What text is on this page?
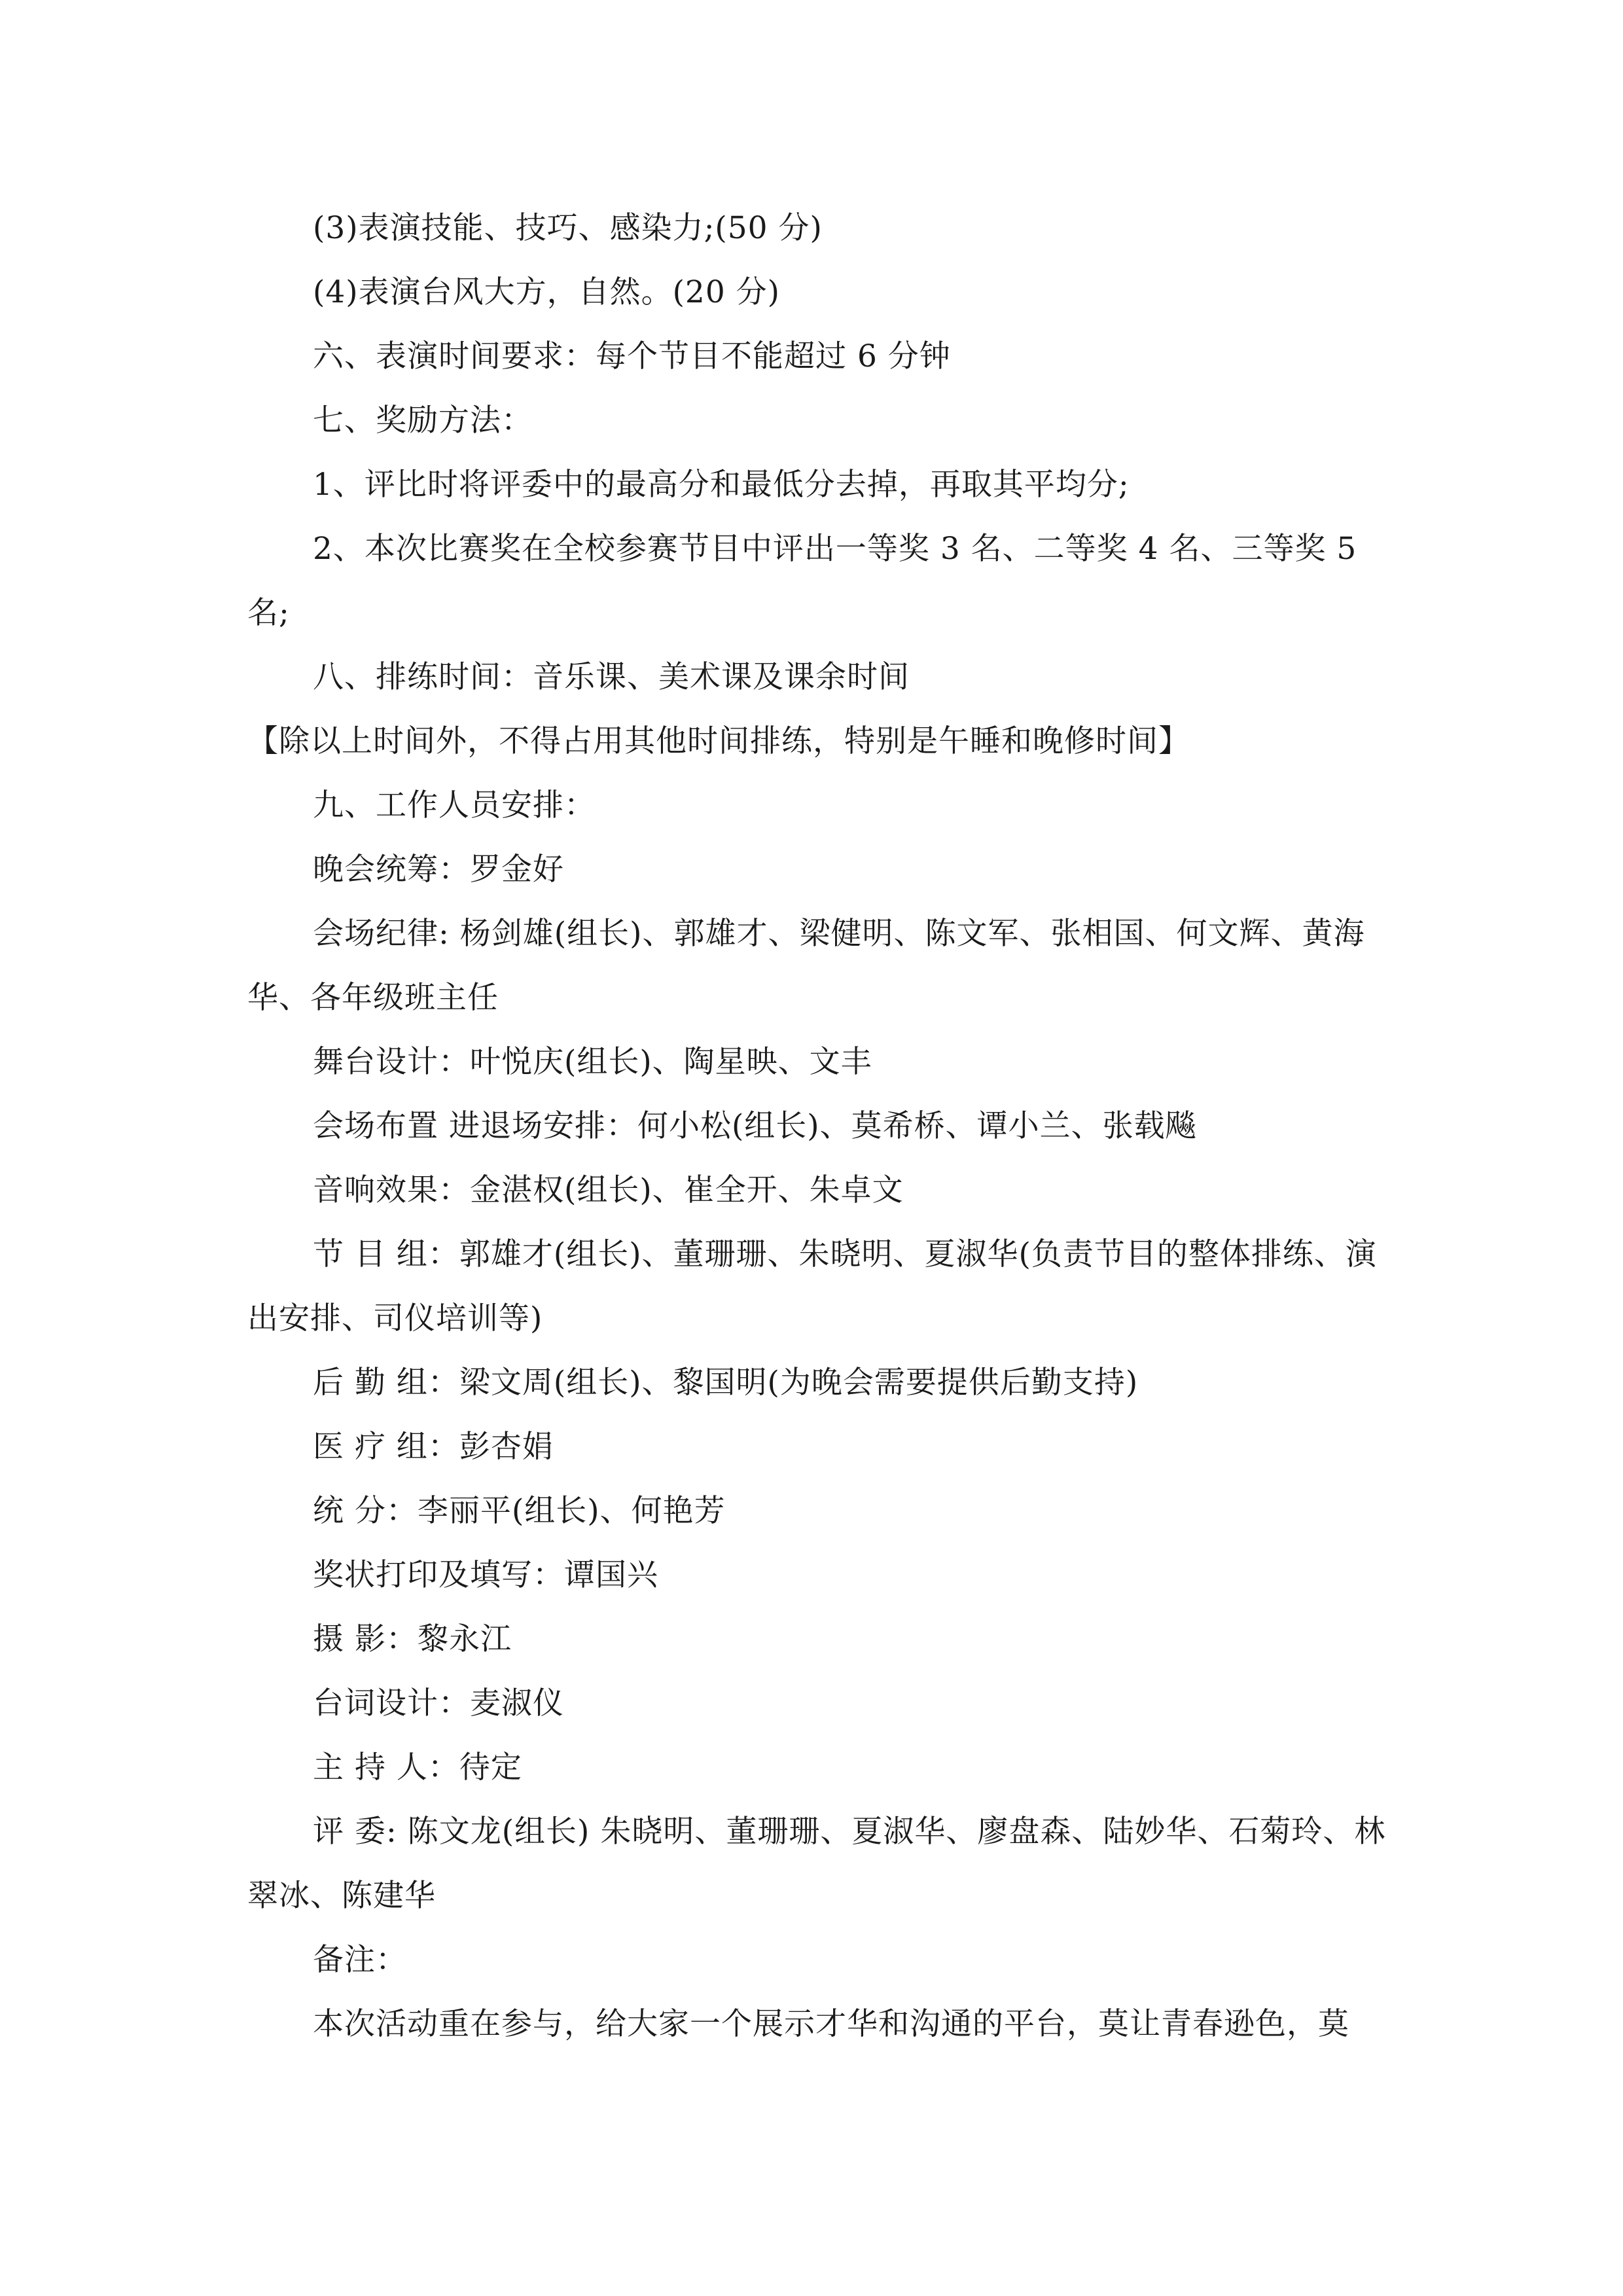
(3)表演技能、技巧、感染力;(50 分)

(4)表演台风大方，自然。(20 分)

六、表演时间要求：每个节目不能超过 6 分钟

七、奖励方法：

1、评比时将评委中的最高分和最低分去掉，再取其平均分;

2、本次比赛奖在全校参赛节目中评出一等奖 3 名、二等奖 4 名、三等奖 5 名;

八、排练时间：音乐课、美术课及课余时间

【除以上时间外，不得占用其他时间排练，特别是午睡和晚修时间】

九、工作人员安排：

晚会统筹：罗金好

会场纪律: 杨剑雄(组长)、郭雄才、梁健明、陈文军、张相国、何文辉、黄海华、各年级班主任

舞台设计：叶悦庆(组长)、陶星映、文丰

会场布置 进退场安排：何小松(组长)、莫希桥、谭小兰、张载飚

音响效果：金湛权(组长)、崔全开、朱卓文

节 目 组：郭雄才(组长)、董珊珊、朱晓明、夏淑华(负责节目的整体排练、演出安排、司仪培训等)

后 勤 组：梁文周(组长)、黎国明(为晚会需要提供后勤支持)

医 疗 组：彭杏娟

统 分：李丽平(组长)、何艳芳

奖状打印及填写：谭国兴

摄 影：黎永江

台词设计：麦淑仪

主 持 人：待定

评 委: 陈文龙(组长) 朱晓明、董珊珊、夏淑华、廖盘森、陆妙华、石菊玲、林翠冰、陈建华

备注：

本次活动重在参与，给大家一个展示才华和沟通的平台，莫让青春逊色，莫
